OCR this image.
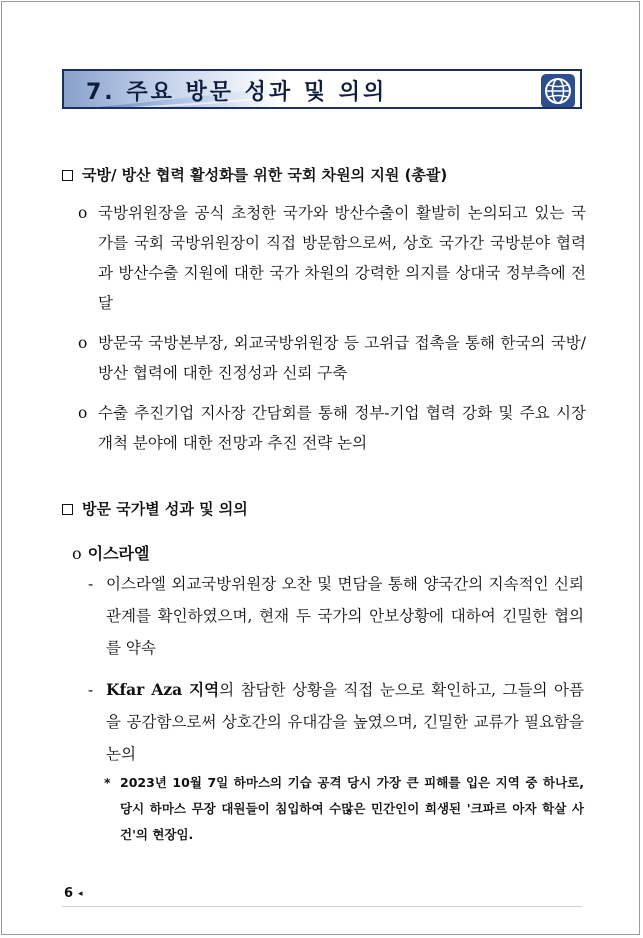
7. 주요 방문 성과 및 의의
국방/ 방산 협력 활성화를 위한 국회 차원의 지원 (총괄)
o 국방위원장을 공식 초청한 국가와 방산수출이 활발히 논의되고 있는 국가를 국회 국방위원장이 직접 방문함으로써, 상호 국가간 국방분야 협력과 방산수출 지원에 대한 국가 차원의 강력한 의지를 상대국 정부측에 전달
o 방문국 국방본부장, 외교국방위원장 등 고위급 접촉을 통해 한국의 국방/방산 협력에 대한 진정성과 신뢰 구축
o 수출 추진기업 지사장 간담회를 통해 정부-기업 협력 강화 및 주요 시장 개척 분야에 대한 전망과 추진 전략 논의
방문 국가별 성과 및 의의
o 이스라엘
- 이스라엘 외교국방위원장 오찬 및 면담을 통해 양국간의 지속적인 신뢰관계를 확인하였으며, 현재 두 국가의 안보상황에 대하여 긴밀한 협의를 약속
- Kfar Aza 지역의 참담한 상황을 직접 눈으로 확인하고, 그들의 아픔을 공감함으로써 상호간의 유대감을 높였으며, 긴밀한 교류가 필요함을 논의
* 2023년 10월 7일 하마스의 기습 공격 당시 가장 큰 피해를 입은 지역 중 하나로, 당시 하마스 무장 대원들이 침입하여 수많은 민간인이 희생된 '크파르 아자 학살 사건'의 현장임.
6 ◂
